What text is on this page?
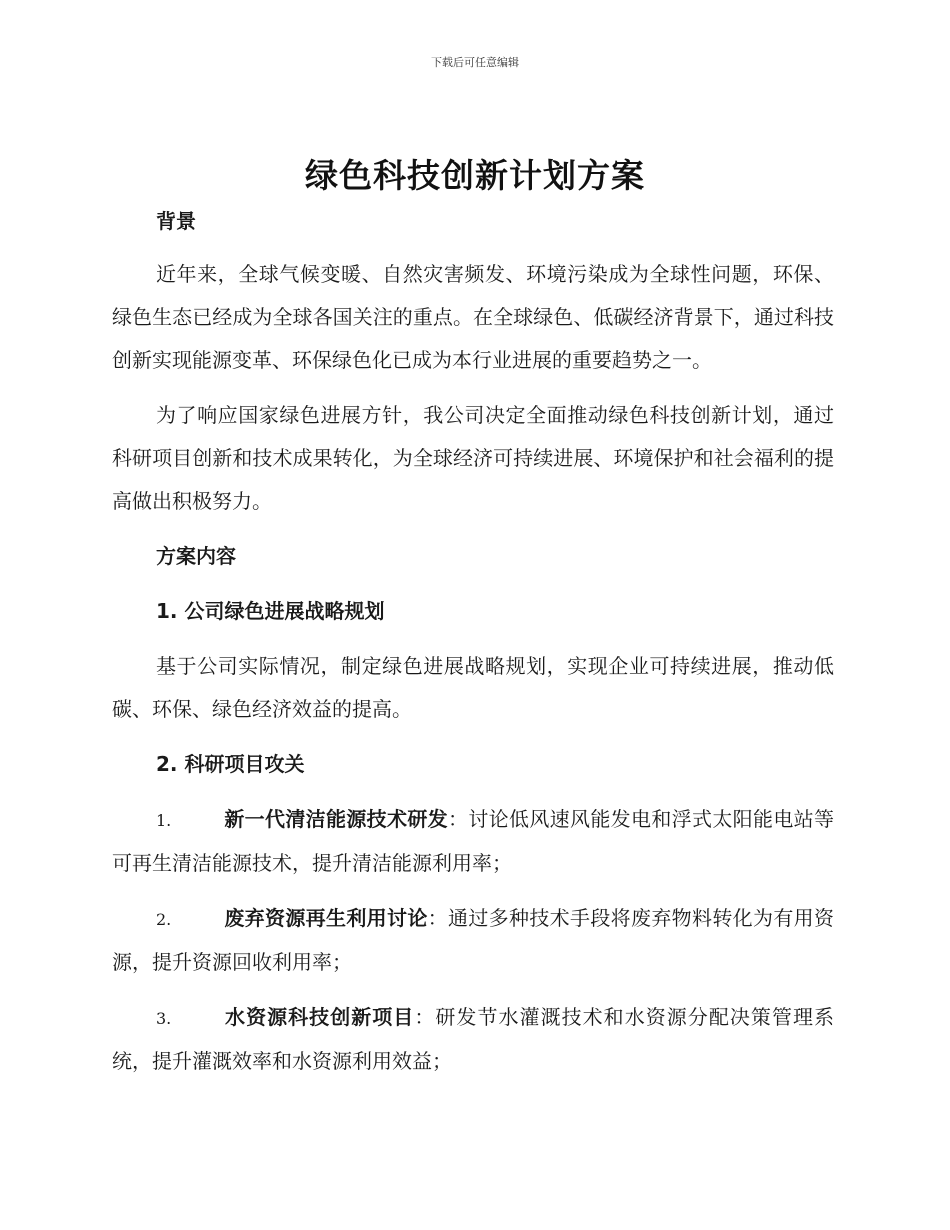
下载后可任意编辑
绿色科技创新计划方案

背景

近年来，全球气候变暖、自然灾害频发、环境污染成为全球性问题，环保、绿色生态已经成为全球各国关注的重点。在全球绿色、低碳经济背景下，通过科技创新实现能源变革、环保绿色化已成为本行业进展的重要趋势之一。

为了响应国家绿色进展方针，我公司决定全面推动绿色科技创新计划，通过科研项目创新和技术成果转化，为全球经济可持续进展、环境保护和社会福利的提高做出积极努力。

方案内容

1. 公司绿色进展战略规划

基于公司实际情况，制定绿色进展战略规划，实现企业可持续进展，推动低碳、环保、绿色经济效益的提高。

2. 科研项目攻关

1.	新一代清洁能源技术研发：讨论低风速风能发电和浮式太阳能电站等可再生清洁能源技术，提升清洁能源利用率；

2.	废弃资源再生利用讨论：通过多种技术手段将废弃物料转化为有用资源，提升资源回收利用率；

3.	水资源科技创新项目：研发节水灌溉技术和水资源分配决策管理系统，提升灌溉效率和水资源利用效益；
